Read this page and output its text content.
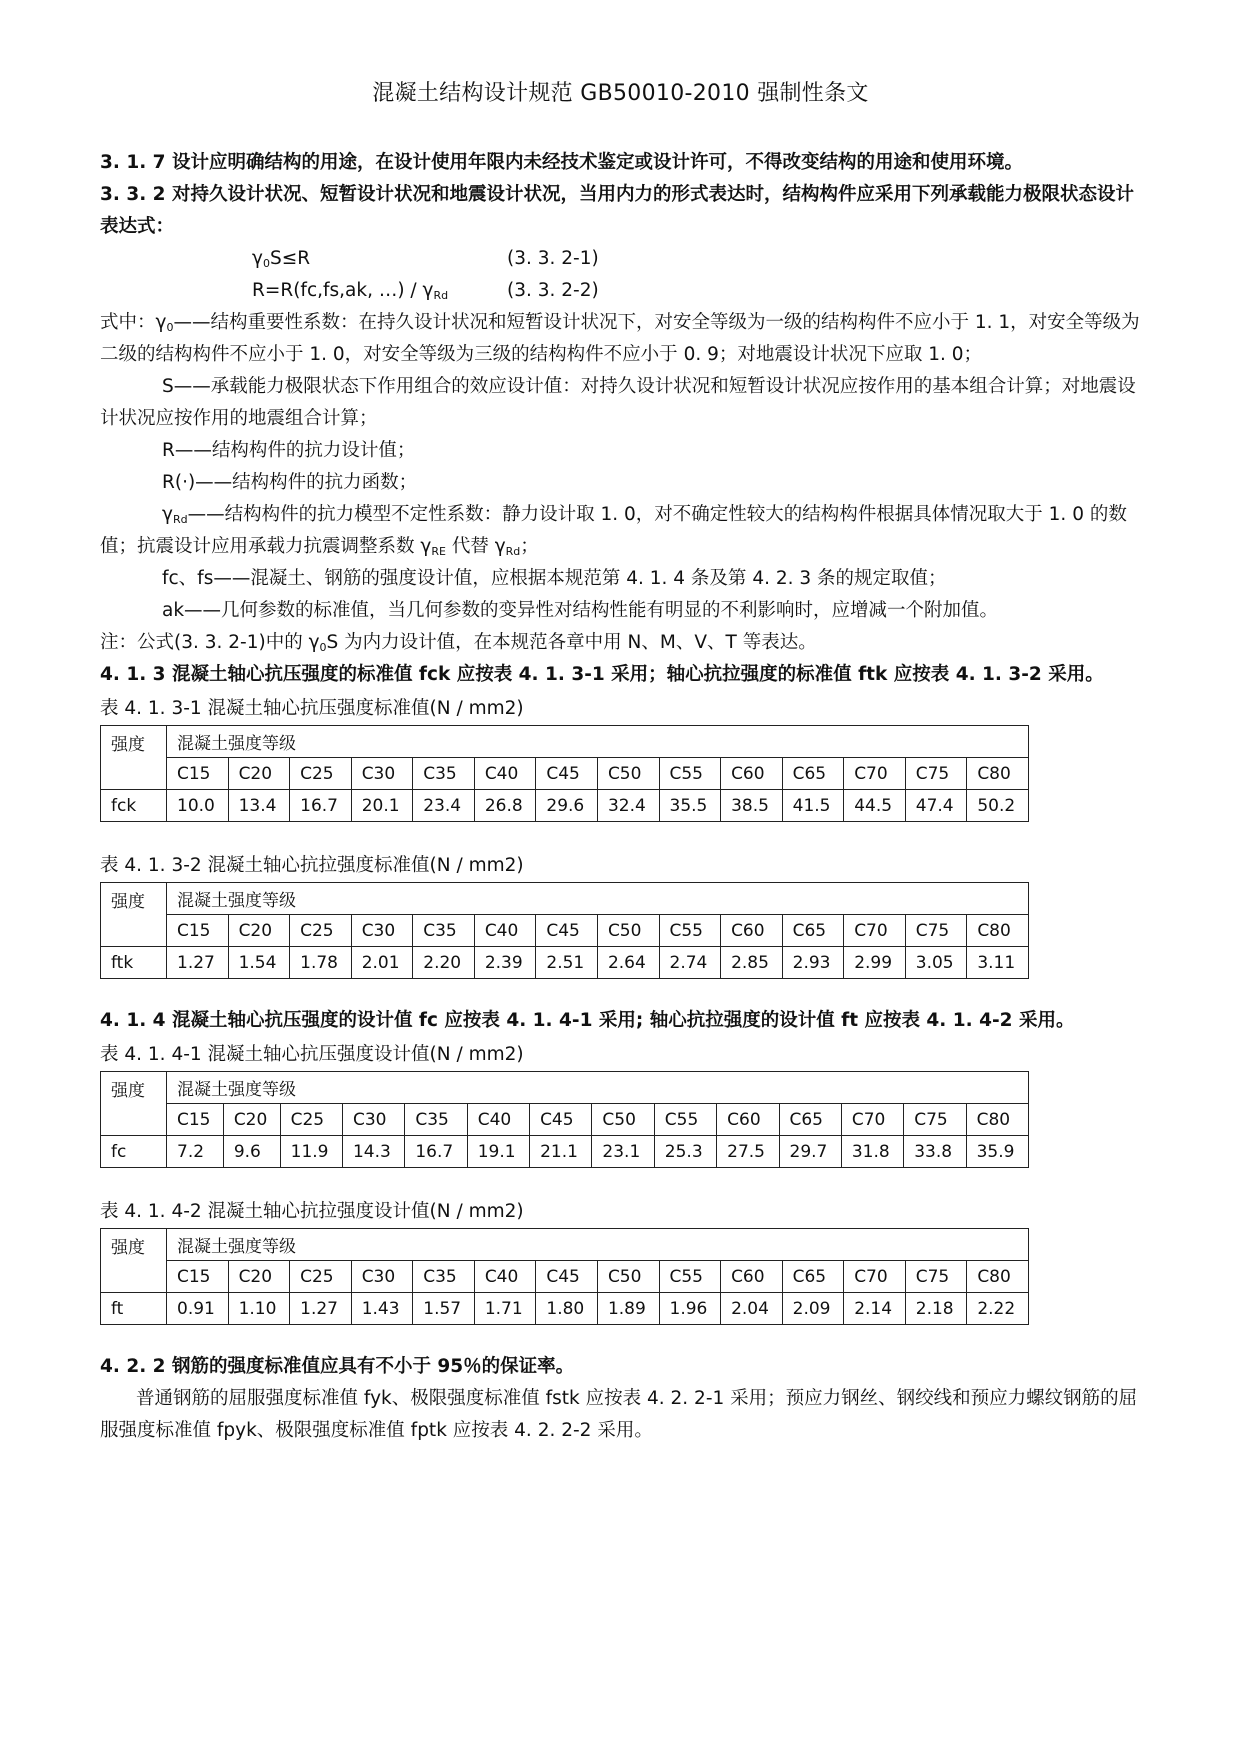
混凝土结构设计规范 GB50010-2010 强制性条文

3. 1. 7 设计应明确结构的用途，在设计使用年限内未经技术鉴定或设计许可，不得改变结构的用途和使用环境。

3. 3. 2 对持久设计状况、短暂设计状况和地震设计状况，当用内力的形式表达时，结构构件应采用下列承载能力极限状态设计表达式：

$\gamma_0S\le R$	(3. 3. 2-1)
R=R(fc,fs,ak, …) / $\gamma_{Rd}$	(3. 3. 2-2)

式中：$\gamma_0——$结构重要性系数：在持久设计状况和短暂设计状况下，对安全等级为一级的结构构件不应小于 1. 1，对安全等级为二级的结构构件不应小于 1. 0，对安全等级为三级的结构构件不应小于 0. 9；对地震设计状况下应取 1. 0；

S——承载能力极限状态下作用组合的效应设计值：对持久设计状况和短暂设计状况应按作用的基本组合计算；对地震设计状况应按作用的地震组合计算；

R——结构构件的抗力设计值；

R(·)——结构构件的抗力函数；

$\gamma_{Rd}——$结构构件的抗力模型不定性系数：静力设计取 1. 0，对不确定性较大的结构构件根据具体情况取大于 1. 0 的数值；抗震设计应用承载力抗震调整系数 $\gamma_{RE}$ 代替 $\gamma_{Rd}$；

fc、fs——混凝土、钢筋的强度设计值，应根据本规范第 4. 1. 4 条及第 4. 2. 3 条的规定取值；

ak——几何参数的标准值，当几何参数的变异性对结构性能有明显的不利影响时，应增减一个附加值。

注：公式(3. 3. 2-1)中的 $\gamma_0S$ 为内力设计值，在本规范各章中用 N、M、V、T 等表达。

4. 1. 3 混凝土轴心抗压强度的标准值 fck 应按表 4. 1. 3-1 采用；轴心抗拉强度的标准值 ftk 应按表 4. 1. 3-2 采用。

表 4. 1. 3-1 混凝土轴心抗压强度标准值(N / mm2)
强度	混凝土强度等级													
	C15	C20	C25	C30	C35	C40	C45	C50	C55	C60	C65	C70	C75	C80
fck	10.0	13.4	16.7	20.1	23.4	26.8	29.6	32.4	35.5	38.5	41.5	44.5	47.4	50.2
表 4. 1. 3-2 混凝土轴心抗拉强度标准值(N / mm2)
强度	混凝土强度等级													
	C15	C20	C25	C30	C35	C40	C45	C50	C55	C60	C65	C70	C75	C80
ftk	1.27	1.54	1.78	2.01	2.20	2.39	2.51	2.64	2.74	2.85	2.93	2.99	3.05	3.11

4. 1. 4 混凝土轴心抗压强度的设计值 fc 应按表 4. 1. 4-1 采用; 轴心抗拉强度的设计值 ft 应按表 4. 1. 4-2 采用。

表 4. 1. 4-1 混凝土轴心抗压强度设计值(N / mm2)
强度	混凝土强度等级													
	C15	C20	C25	C30	C35	C40	C45	C50	C55	C60	C65	C70	C75	C80
fc	7.2	9.6	11.9	14.3	16.7	19.1	21.1	23.1	25.3	27.5	29.7	31.8	33.8	35.9
表 4. 1. 4-2 混凝土轴心抗拉强度设计值(N / mm2)
强度	混凝土强度等级													
	C15	C20	C25	C30	C35	C40	C45	C50	C55	C60	C65	C70	C75	C80
ft	0.91	1.10	1.27	1.43	1.57	1.71	1.80	1.89	1.96	2.04	2.09	2.14	2.18	2.22

4. 2. 2 钢筋的强度标准值应具有不小于 95％的保证率。

普通钢筋的屈服强度标准值 fyk、极限强度标准值 fstk 应按表 4. 2. 2-1 采用；预应力钢丝、钢绞线和预应力螺纹钢筋的屈服强度标准值 fpyk、极限强度标准值 fptk 应按表 4. 2. 2-2 采用。
